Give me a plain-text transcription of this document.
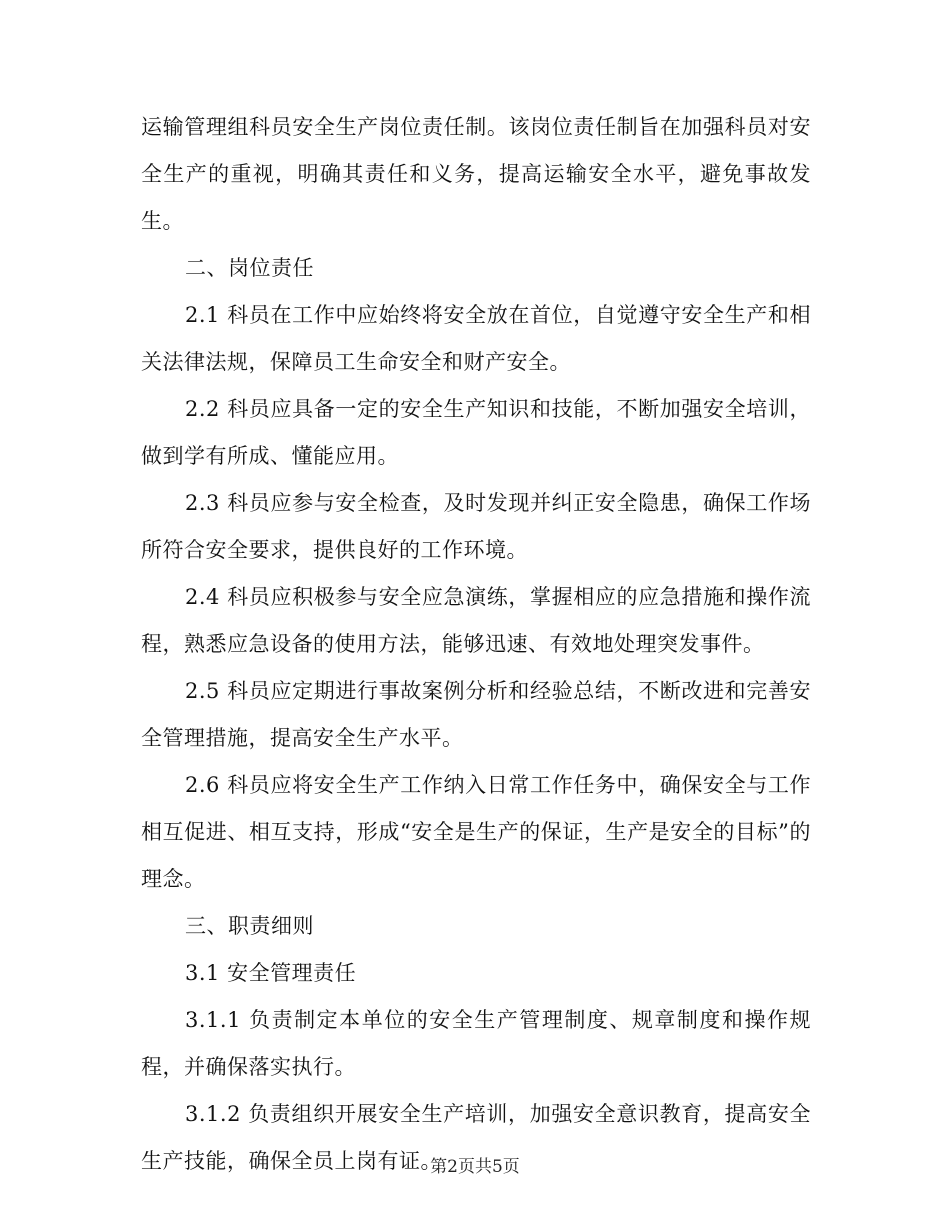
运输管理组科员安全生产岗位责任制。该岗位责任制旨在加强科员对安全生产的重视，明确其责任和义务，提高运输安全水平，避免事故发生。

二、岗位责任

2.1 科员在工作中应始终将安全放在首位，自觉遵守安全生产和相关法律法规，保障员工生命安全和财产安全。

2.2 科员应具备一定的安全生产知识和技能，不断加强安全培训，做到学有所成、懂能应用。

2.3 科员应参与安全检查，及时发现并纠正安全隐患，确保工作场所符合安全要求，提供良好的工作环境。

2.4 科员应积极参与安全应急演练，掌握相应的应急措施和操作流程，熟悉应急设备的使用方法，能够迅速、有效地处理突发事件。

2.5 科员应定期进行事故案例分析和经验总结，不断改进和完善安全管理措施，提高安全生产水平。

2.6 科员应将安全生产工作纳入日常工作任务中，确保安全与工作相互促进、相互支持，形成“安全是生产的保证，生产是安全的目标”的理念。

三、职责细则

3.1 安全管理责任

3.1.1 负责制定本单位的安全生产管理制度、规章制度和操作规程，并确保落实执行。

3.1.2 负责组织开展安全生产培训，加强安全意识教育，提高安全生产技能，确保全员上岗有证。

第2页共5页
